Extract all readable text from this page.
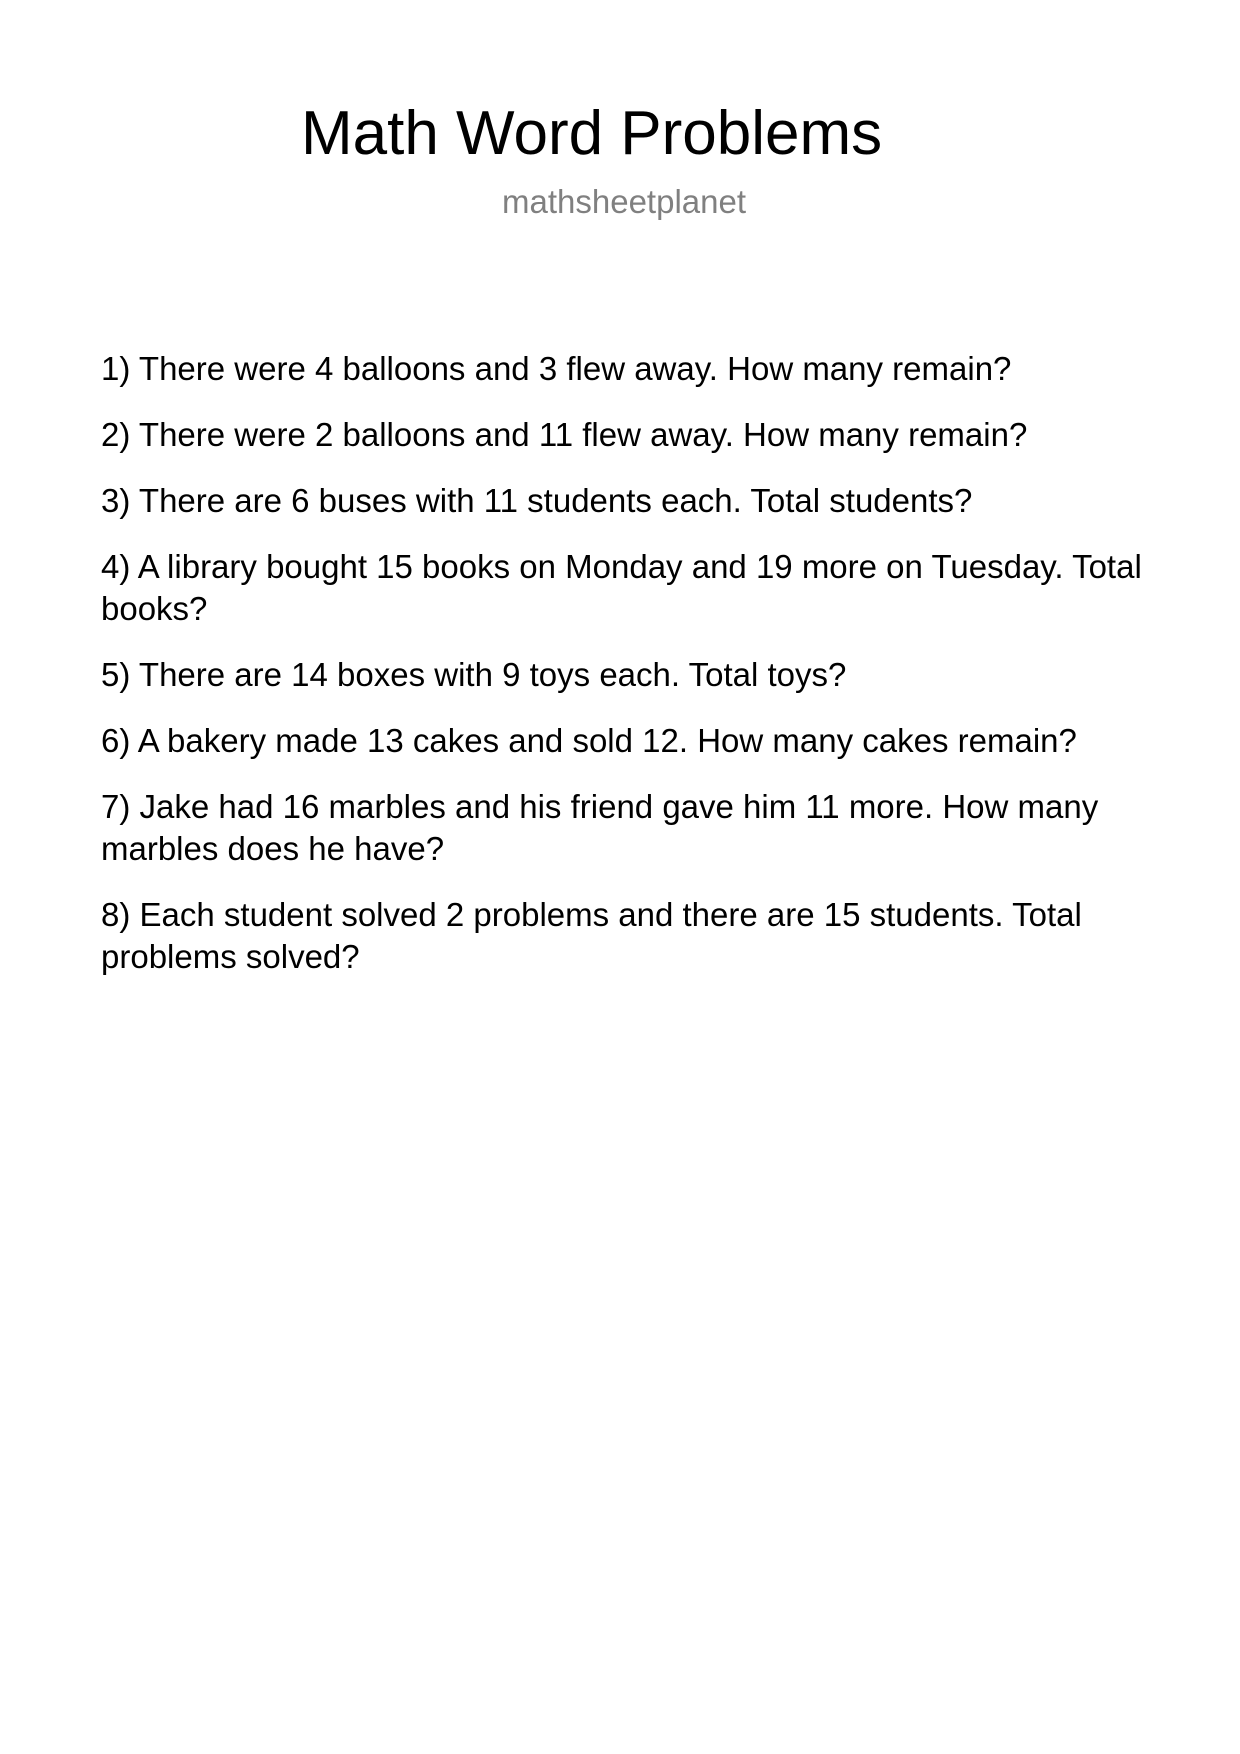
Math Word Problems
mathsheetplanet
1) There were 4 balloons and 3 flew away. How many remain?
2) There were 2 balloons and 11 flew away. How many remain?
3) There are 6 buses with 11 students each. Total students?
4) A library bought 15 books on Monday and 19 more on Tuesday. Total books?
5) There are 14 boxes with 9 toys each. Total toys?
6) A bakery made 13 cakes and sold 12. How many cakes remain?
7) Jake had 16 marbles and his friend gave him 11 more. How many marbles does he have?
8) Each student solved 2 problems and there are 15 students. Total problems solved?
